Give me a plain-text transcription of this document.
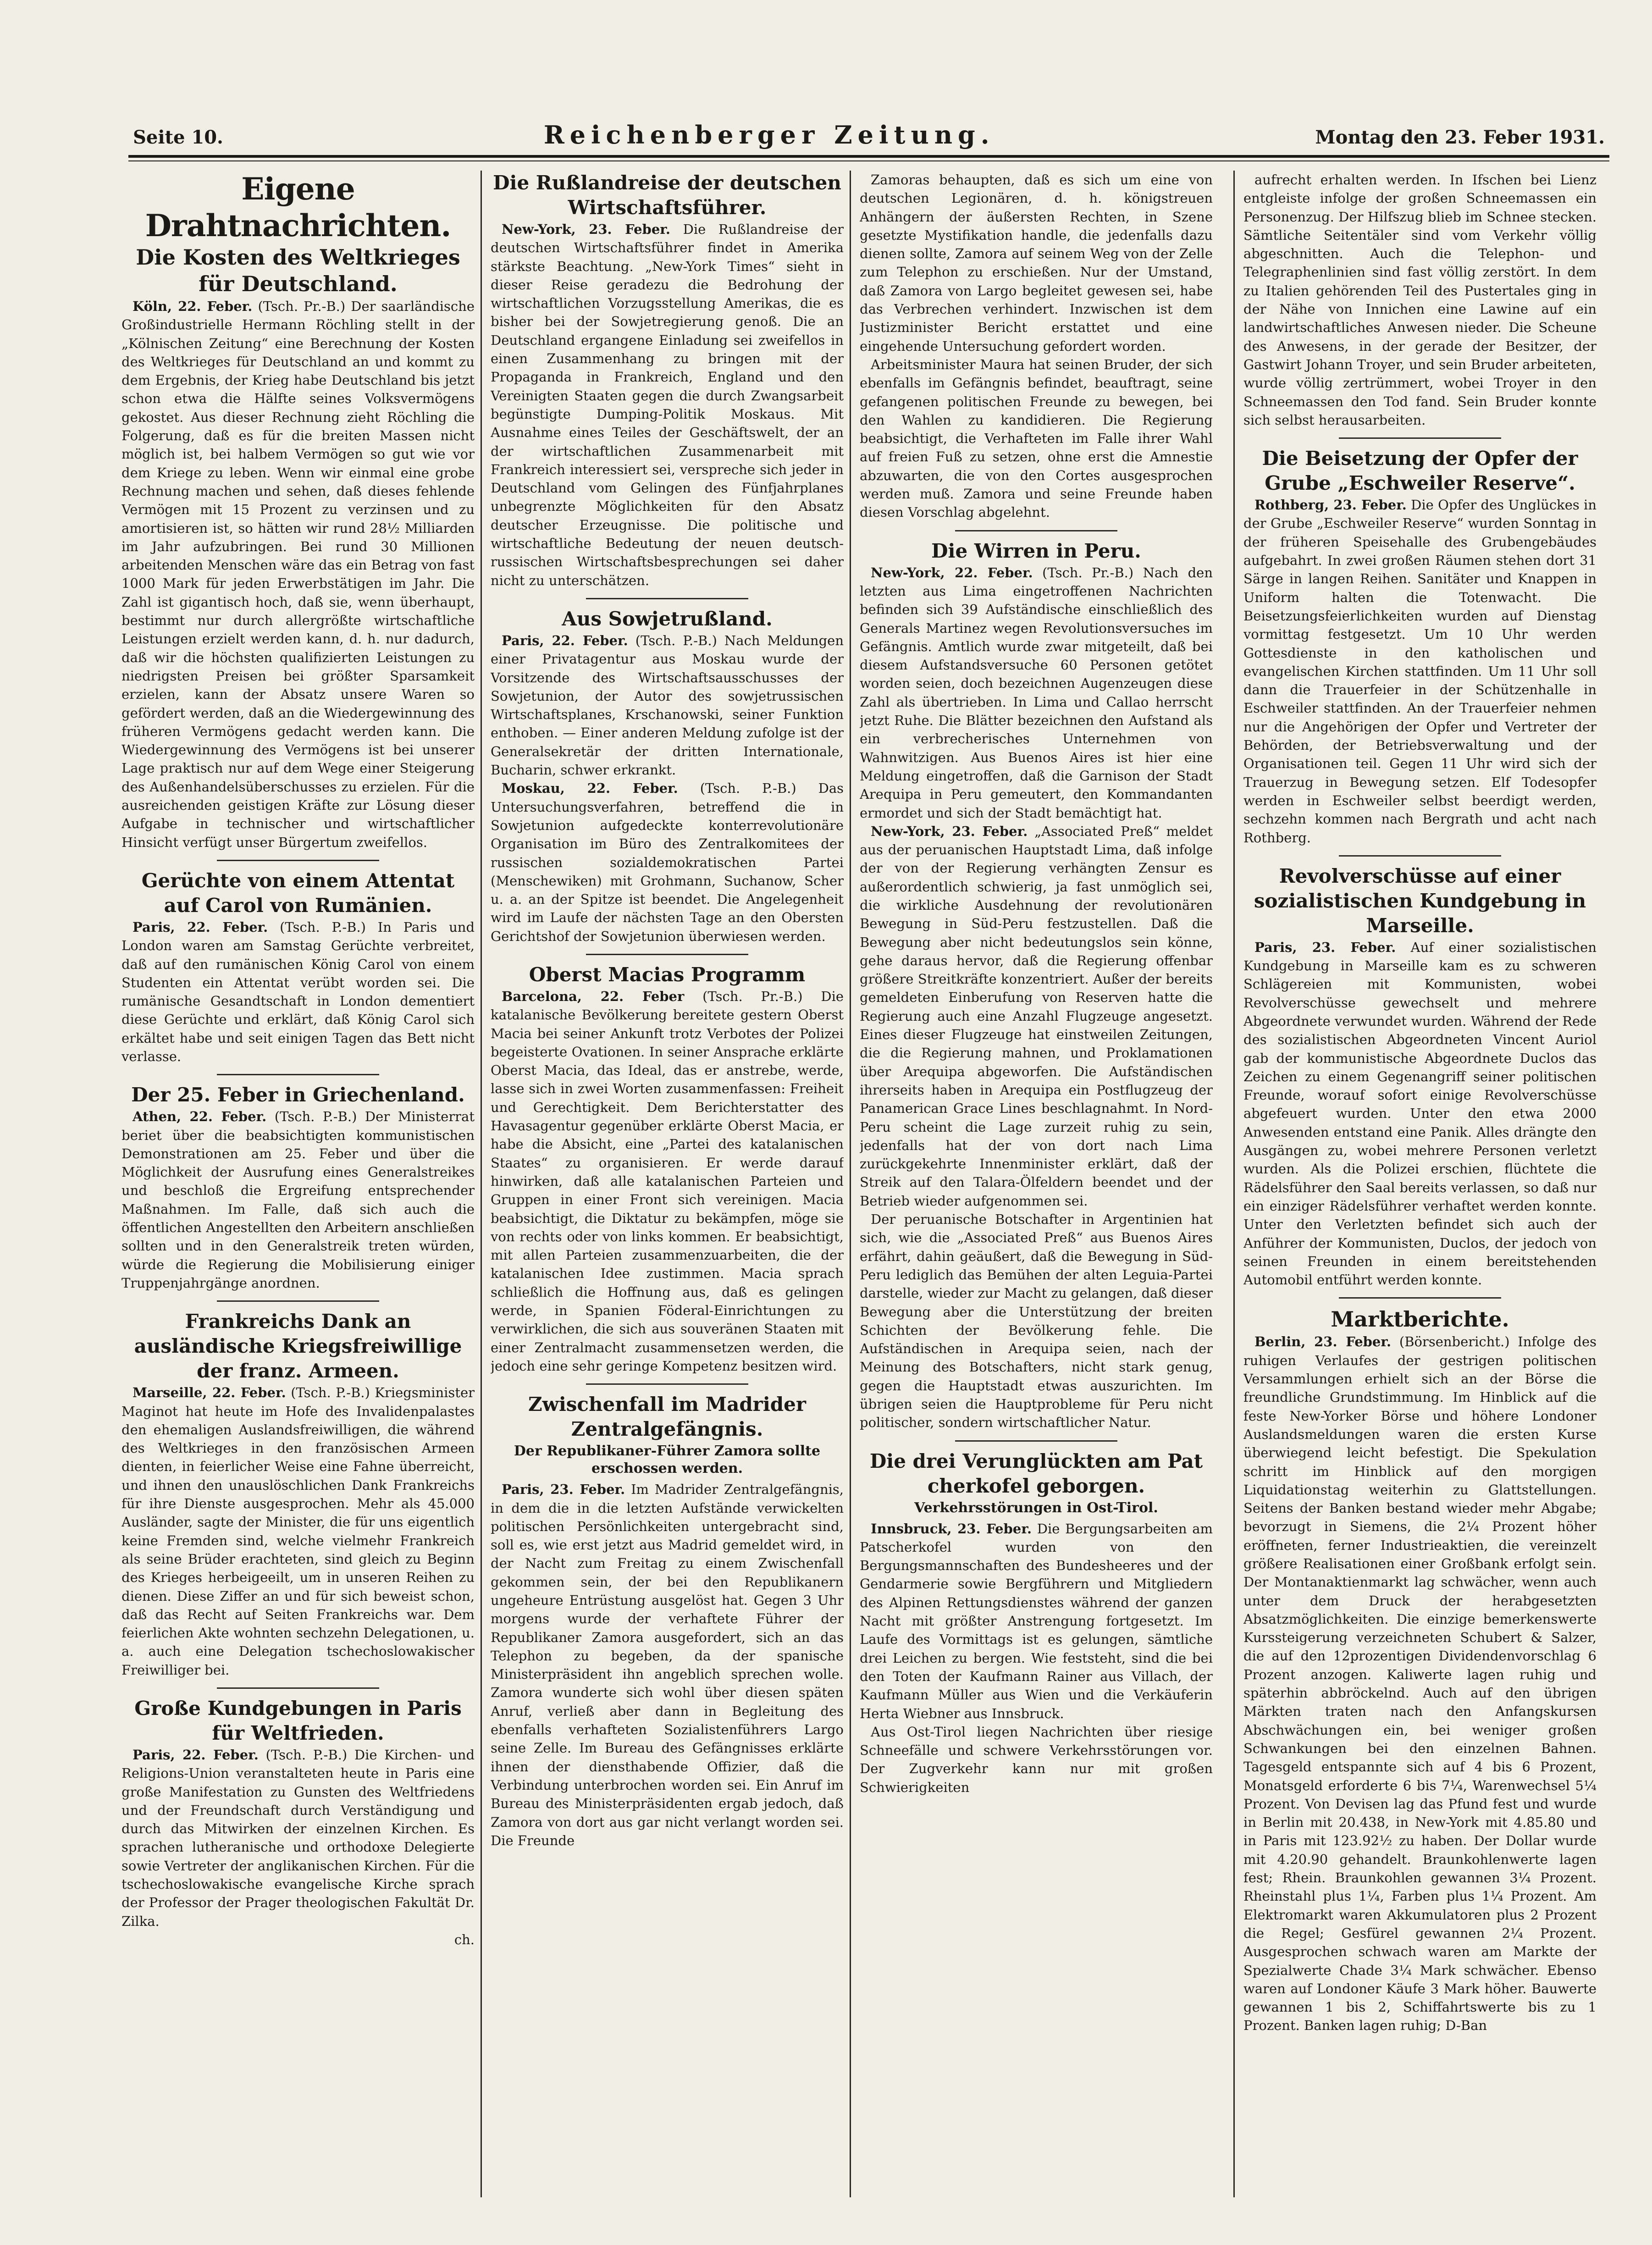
Seite 10.	Reichenberger Zeitung.	Montag den 23. Feber 1931.
Eigene Drahtnachrichten.
Die Kosten des Weltkrieges für Deutschland.

Köln, 22. Feber. (Tsch. Pr.-B.) Der saarländische Großindustrielle Hermann Röchling stellt in der „Kölnischen Zeitung“ eine Berechnung der Kosten des Weltkrieges für Deutschland an und kommt zu dem Ergebnis, der Krieg habe Deutschland bis jetzt schon etwa die Hälfte seines Volksvermögens gekostet. Aus dieser Rechnung zieht Röchling die Folgerung, daß es für die breiten Massen nicht möglich ist, bei halbem Vermögen so gut wie vor dem Kriege zu leben. Wenn wir einmal eine grobe Rechnung machen und sehen, daß dieses fehlende Vermögen mit 15 Prozent zu verzinsen und zu amortisieren ist, so hätten wir rund 28½ Milliarden im Jahr aufzubringen. Bei rund 30 Millionen arbeitenden Menschen wäre das ein Betrag von fast 1000 Mark für jeden Erwerbstätigen im Jahr. Die Zahl ist gigantisch hoch, daß sie, wenn überhaupt, bestimmt nur durch allergrößte wirtschaftliche Leistungen erzielt werden kann, d. h. nur dadurch, daß wir die höchsten qualifizierten Leistungen zu niedrigsten Preisen bei größter Sparsamkeit erzielen, kann der Absatz unsere Waren so gefördert werden, daß an die Wiedergewinnung des früheren Vermögens gedacht werden kann. Die Wiedergewinnung des Vermögens ist bei unserer Lage praktisch nur auf dem Wege einer Steigerung des Außenhandelsüberschusses zu erzielen. Für die ausreichenden geistigen Kräfte zur Lösung dieser Aufgabe in technischer und wirtschaftlicher Hinsicht verfügt unser Bürgertum zweifellos.

Gerüchte von einem Attentat auf Carol von Rumänien.

Paris, 22. Feber. (Tsch. P.-B.) In Paris und London waren am Samstag Gerüchte verbreitet, daß auf den rumänischen König Carol von einem Studenten ein Attentat verübt worden sei. Die rumänische Gesandtschaft in London dementiert diese Gerüchte und erklärt, daß König Carol sich erkältet habe und seit einigen Tagen das Bett nicht verlasse.

Der 25. Feber in Griechenland.

Athen, 22. Feber. (Tsch. P.-B.) Der Ministerrat beriet über die beabsichtigten kommunistischen Demonstrationen am 25. Feber und über die Möglichkeit der Ausrufung eines Generalstreikes und beschloß die Ergreifung entsprechender Maßnahmen. Im Falle, daß sich auch die öffentlichen Angestellten den Arbeitern anschließen sollten und in den Generalstreik treten würden, würde die Regierung die Mobilisierung einiger Truppenjahrgänge anordnen.

Frankreichs Dank an ausländische Kriegsfreiwillige der franz. Armeen.

Marseille, 22. Feber. (Tsch. P.-B.) Kriegsminister Maginot hat heute im Hofe des Invalidenpalastes den ehemaligen Auslandsfreiwilligen, die während des Weltkrieges in den französischen Armeen dienten, in feierlicher Weise eine Fahne überreicht, und ihnen den unauslöschlichen Dank Frankreichs für ihre Dienste ausgesprochen. Mehr als 45.000 Ausländer, sagte der Minister, die für uns eigentlich keine Fremden sind, welche vielmehr Frankreich als seine Brüder erachteten, sind gleich zu Beginn des Krieges herbeigeeilt, um in unseren Reihen zu dienen. Diese Ziffer an und für sich beweist schon, daß das Recht auf Seiten Frankreichs war. Dem feierlichen Akte wohnten sechzehn Delegationen, u. a. auch eine Delegation tschechoslowakischer Freiwilliger bei.

Große Kundgebungen in Paris für Weltfrieden.

Paris, 22. Feber. (Tsch. P.-B.) Die Kirchen- und Religions-Union veranstalteten heute in Paris eine große Manifestation zu Gunsten des Weltfriedens und der Freundschaft durch Verständigung und durch das Mitwirken der einzelnen Kirchen. Es sprachen lutheranische und orthodoxe Delegierte sowie Vertreter der anglikanischen Kirchen. Für die tschechoslowakische evangelische Kirche sprach der Professor der Prager theologischen Fakultät Dr. Zilka.

ch.
Die Rußlandreise der deutschen Wirtschaftsführer.

New-York, 23. Feber. Die Rußlandreise der deutschen Wirtschaftsführer findet in Amerika stärkste Beachtung. „New-York Times“ sieht in dieser Reise geradezu die Bedrohung der wirtschaftlichen Vorzugsstellung Amerikas, die es bisher bei der Sowjetregierung genoß. Die an Deutschland ergangene Einladung sei zweifellos in einen Zusammenhang zu bringen mit der Propaganda in Frankreich, England und den Vereinigten Staaten gegen die durch Zwangsarbeit begünstigte Dumping-Politik Moskaus. Mit Ausnahme eines Teiles der Geschäftswelt, der an der wirtschaftlichen Zusammenarbeit mit Frankreich interessiert sei, verspreche sich jeder in Deutschland vom Gelingen des Fünfjahrplanes unbegrenzte Möglichkeiten für den Absatz deutscher Erzeugnisse. Die politische und wirtschaftliche Bedeutung der neuen deutsch-russischen Wirtschaftsbesprechungen sei daher nicht zu unterschätzen.

Aus Sowjetrußland.

Paris, 22. Feber. (Tsch. P.-B.) Nach Meldungen einer Privatagentur aus Moskau wurde der Vorsitzende des Wirtschaftsausschusses der Sowjetunion, der Autor des sowjetrussischen Wirtschaftsplanes, Krschanowski, seiner Funktion enthoben. — Einer anderen Meldung zufolge ist der Generalsekretär der dritten Internationale, Bucharin, schwer erkrankt.

Moskau, 22. Feber. (Tsch. P.-B.) Das Untersuchungsverfahren, betreffend die in Sowjetunion aufgedeckte konterrevolutionäre Organisation im Büro des Zentralkomitees der russischen sozialdemokratischen Partei (Menschewiken) mit Grohmann, Suchanow, Scher u. a. an der Spitze ist beendet. Die Angelegenheit wird im Laufe der nächsten Tage an den Obersten Gerichtshof der Sowjetunion überwiesen werden.

Oberst Macias Programm

Barcelona, 22. Feber (Tsch. Pr.-B.) Die katalanische Bevölkerung bereitete gestern Oberst Macia bei seiner Ankunft trotz Verbotes der Polizei begeisterte Ovationen. In seiner Ansprache erklärte Oberst Macia, das Ideal, das er anstrebe, werde, lasse sich in zwei Worten zusammenfassen: Freiheit und Gerechtigkeit. Dem Berichterstatter des Havasagentur gegenüber erklärte Oberst Macia, er habe die Absicht, eine „Partei des katalanischen Staates“ zu organisieren. Er werde darauf hinwirken, daß alle katalanischen Parteien und Gruppen in einer Front sich vereinigen. Macia beabsichtigt, die Diktatur zu bekämpfen, möge sie von rechts oder von links kommen. Er beabsichtigt, mit allen Parteien zusammenzuarbeiten, die der katalanischen Idee zustimmen. Macia sprach schließlich die Hoffnung aus, daß es gelingen werde, in Spanien Föderal-Einrichtungen zu verwirklichen, die sich aus souveränen Staaten mit einer Zentralmacht zusammensetzen werden, die jedoch eine sehr geringe Kompetenz besitzen wird.

Zwischenfall im Madrider Zentralgefängnis.
Der Republikaner-Führer Zamora sollte erschossen werden.

Paris, 23. Feber. Im Madrider Zentralgefängnis, in dem die in die letzten Aufstände verwickelten politischen Persönlichkeiten untergebracht sind, soll es, wie erst jetzt aus Madrid gemeldet wird, in der Nacht zum Freitag zu einem Zwischenfall gekommen sein, der bei den Republikanern ungeheure Entrüstung ausgelöst hat. Gegen 3 Uhr morgens wurde der verhaftete Führer der Republikaner Zamora ausgefordert, sich an das Telephon zu begeben, da der spanische Ministerpräsident ihn angeblich sprechen wolle. Zamora wunderte sich wohl über diesen späten Anruf, verließ aber dann in Begleitung des ebenfalls verhafteten Sozialistenführers Largo seine Zelle. Im Bureau des Gefängnisses erklärte ihnen der diensthabende Offizier, daß die Verbindung unterbrochen worden sei. Ein Anruf im Bureau des Ministerpräsidenten ergab jedoch, daß Zamora von dort aus gar nicht verlangt worden sei. Die Freunde

Zamoras behaupten, daß es sich um eine von deutschen Legionären, d. h. königstreuen Anhängern der äußersten Rechten, in Szene gesetzte Mystifikation handle, die jedenfalls dazu dienen sollte, Zamora auf seinem Weg von der Zelle zum Telephon zu erschießen. Nur der Umstand, daß Zamora von Largo begleitet gewesen sei, habe das Verbrechen verhindert. Inzwischen ist dem Justizminister Bericht erstattet und eine eingehende Untersuchung gefordert worden.

Arbeitsminister Maura hat seinen Bruder, der sich ebenfalls im Gefängnis befindet, beauftragt, seine gefangenen politischen Freunde zu bewegen, bei den Wahlen zu kandidieren. Die Regierung beabsichtigt, die Verhafteten im Falle ihrer Wahl auf freien Fuß zu setzen, ohne erst die Amnestie abzuwarten, die von den Cortes ausgesprochen werden muß. Zamora und seine Freunde haben diesen Vorschlag abgelehnt.

Die Wirren in Peru.

New-York, 22. Feber. (Tsch. Pr.-B.) Nach den letzten aus Lima eingetroffenen Nachrichten befinden sich 39 Aufständische einschließlich des Generals Martinez wegen Revolutionsversuches im Gefängnis. Amtlich wurde zwar mitgeteilt, daß bei diesem Aufstandsversuche 60 Personen getötet worden seien, doch bezeichnen Augenzeugen diese Zahl als übertrieben. In Lima und Callao herrscht jetzt Ruhe. Die Blätter bezeichnen den Aufstand als ein verbrecherisches Unternehmen von Wahnwitzigen. Aus Buenos Aires ist hier eine Meldung eingetroffen, daß die Garnison der Stadt Arequipa in Peru gemeutert, den Kommandanten ermordet und sich der Stadt bemächtigt hat.

New-York, 23. Feber. „Associated Preß“ meldet aus der peruanischen Hauptstadt Lima, daß infolge der von der Regierung verhängten Zensur es außerordentlich schwierig, ja fast unmöglich sei, die wirkliche Ausdehnung der revolutionären Bewegung in Süd-Peru festzustellen. Daß die Bewegung aber nicht bedeutungslos sein könne, gehe daraus hervor, daß die Regierung offenbar größere Streitkräfte konzentriert. Außer der bereits gemeldeten Einberufung von Reserven hatte die Regierung auch eine Anzahl Flugzeuge angesetzt. Eines dieser Flugzeuge hat einstweilen Zeitungen, die die Regierung mahnen, und Proklamationen über Arequipa abgeworfen. Die Aufständischen ihrerseits haben in Arequipa ein Postflugzeug der Panamerican Grace Lines beschlagnahmt. In Nord-Peru scheint die Lage zurzeit ruhig zu sein, jedenfalls hat der von dort nach Lima zurückgekehrte Innenminister erklärt, daß der Streik auf den Talara-Ölfeldern beendet und der Betrieb wieder aufgenommen sei.

Der peruanische Botschafter in Argentinien hat sich, wie die „Associated Preß“ aus Buenos Aires erfährt, dahin geäußert, daß die Bewegung in Süd-Peru lediglich das Bemühen der alten Leguia-Partei darstelle, wieder zur Macht zu gelangen, daß dieser Bewegung aber die Unterstützung der breiten Schichten der Bevölkerung fehle. Die Aufständischen in Arequipa seien, nach der Meinung des Botschafters, nicht stark genug, gegen die Hauptstadt etwas auszurichten. Im übrigen seien die Hauptprobleme für Peru nicht politischer, sondern wirtschaftlicher Natur.

Die drei Verunglückten am Pat cherkofel geborgen.
Verkehrsstörungen in Ost-Tirol.

Innsbruck, 23. Feber. Die Bergungsarbeiten am Patscherkofel wurden von den Bergungsmannschaften des Bundesheeres und der Gendarmerie sowie Bergführern und Mitgliedern des Alpinen Rettungsdienstes während der ganzen Nacht mit größter Anstrengung fortgesetzt. Im Laufe des Vormittags ist es gelungen, sämtliche drei Leichen zu bergen. Wie feststeht, sind die bei den Toten der Kaufmann Rainer aus Villach, der Kaufmann Müller aus Wien und die Verkäuferin Herta Wiebner aus Innsbruck.

Aus Ost-Tirol liegen Nachrichten über riesige Schneefälle und schwere Verkehrsstörungen vor. Der Zugverkehr kann nur mit großen Schwierigkeiten

aufrecht erhalten werden. In Ifschen bei Lienz entgleiste infolge der großen Schneemassen ein Personenzug. Der Hilfszug blieb im Schnee stecken. Sämtliche Seitentäler sind vom Verkehr völlig abgeschnitten. Auch die Telephon- und Telegraphenlinien sind fast völlig zerstört. In dem zu Italien gehörenden Teil des Pustertales ging in der Nähe von Innichen eine Lawine auf ein landwirtschaftliches Anwesen nieder. Die Scheune des Anwesens, in der gerade der Besitzer, der Gastwirt Johann Troyer, und sein Bruder arbeiteten, wurde völlig zertrümmert, wobei Troyer in den Schneemassen den Tod fand. Sein Bruder konnte sich selbst herausarbeiten.

Die Beisetzung der Opfer der Grube „Eschweiler Reserve“.

Rothberg, 23. Feber. Die Opfer des Unglückes in der Grube „Eschweiler Reserve“ wurden Sonntag in der früheren Speisehalle des Grubengebäudes aufgebahrt. In zwei großen Räumen stehen dort 31 Särge in langen Reihen. Sanitäter und Knappen in Uniform halten die Totenwacht. Die Beisetzungsfeierlichkeiten wurden auf Dienstag vormittag festgesetzt. Um 10 Uhr werden Gottesdienste in den katholischen und evangelischen Kirchen stattfinden. Um 11 Uhr soll dann die Trauerfeier in der Schützenhalle in Eschweiler stattfinden. An der Trauerfeier nehmen nur die Angehörigen der Opfer und Vertreter der Behörden, der Betriebsverwaltung und der Organisationen teil. Gegen 11 Uhr wird sich der Trauerzug in Bewegung setzen. Elf Todesopfer werden in Eschweiler selbst beerdigt werden, sechzehn kommen nach Bergrath und acht nach Rothberg.

Revolverschüsse auf einer sozialistischen Kundgebung in Marseille.

Paris, 23. Feber. Auf einer sozialistischen Kundgebung in Marseille kam es zu schweren Schlägereien mit Kommunisten, wobei Revolverschüsse gewechselt und mehrere Abgeordnete verwundet wurden. Während der Rede des sozialistischen Abgeordneten Vincent Auriol gab der kommunistische Abgeordnete Duclos das Zeichen zu einem Gegenangriff seiner politischen Freunde, worauf sofort einige Revolverschüsse abgefeuert wurden. Unter den etwa 2000 Anwesenden entstand eine Panik. Alles drängte den Ausgängen zu, wobei mehrere Personen verletzt wurden. Als die Polizei erschien, flüchtete die Rädelsführer den Saal bereits verlassen, so daß nur ein einziger Rädelsführer verhaftet werden konnte. Unter den Verletzten befindet sich auch der Anführer der Kommunisten, Duclos, der jedoch von seinen Freunden in einem bereitstehenden Automobil entführt werden konnte.

Marktberichte.

Berlin, 23. Feber. (Börsenbericht.) Infolge des ruhigen Verlaufes der gestrigen politischen Versammlungen erhielt sich an der Börse die freundliche Grundstimmung. Im Hinblick auf die feste New-Yorker Börse und höhere Londoner Auslandsmeldungen waren die ersten Kurse überwiegend leicht befestigt. Die Spekulation schritt im Hinblick auf den morgigen Liquidationstag weiterhin zu Glattstellungen. Seitens der Banken bestand wieder mehr Abgabe; bevorzugt in Siemens, die 2¼ Prozent höher eröffneten, ferner Industrieaktien, die vereinzelt größere Realisationen einer Großbank erfolgt sein. Der Montanaktienmarkt lag schwächer, wenn auch unter dem Druck der herabgesetzten Absatzmöglichkeiten. Die einzige bemerkenswerte Kurssteigerung verzeichneten Schubert & Salzer, die auf den 12prozentigen Dividendenvorschlag 6 Prozent anzogen. Kaliwerte lagen ruhig und späterhin abbröckelnd. Auch auf den übrigen Märkten traten nach den Anfangskursen Abschwächungen ein, bei weniger großen Schwankungen bei den einzelnen Bahnen. Tagesgeld entspannte sich auf 4 bis 6 Prozent, Monatsgeld erforderte 6 bis 7¼, Warenwechsel 5¼ Prozent. Von Devisen lag das Pfund fest und wurde in Berlin mit 20.438, in New-York mit 4.85.80 und in Paris mit 123.92½ zu haben. Der Dollar wurde mit 4.20.90 gehandelt. Braunkohlenwerte lagen fest; Rhein. Braunkohlen gewannen 3¼ Prozent. Rheinstahl plus 1¼, Farben plus 1¼ Prozent. Am Elektromarkt waren Akkumulatoren plus 2 Prozent die Regel; Gesfürel gewannen 2¼ Prozent. Ausgesprochen schwach waren am Markte der Spezialwerte Chade 3¼ Mark schwächer. Ebenso waren auf Londoner Käufe 3 Mark höher. Bauwerte gewannen 1 bis 2, Schiffahrtswerte bis zu 1 Prozent. Banken lagen ruhig; D-Ban
